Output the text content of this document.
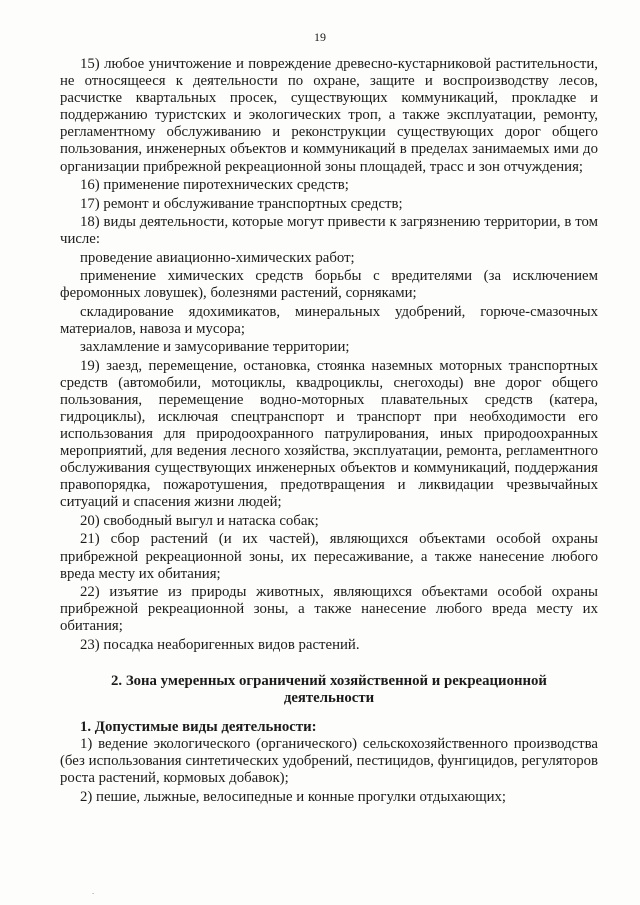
19

15) любое уничтожение и повреждение древесно-кустарниковой растительности, не относящееся к деятельности по охране, защите и воспроизводству лесов, расчистке квартальных просек, существующих коммуникаций, прокладке и поддержанию туристских и экологических троп, а также эксплуатации, ремонту, регламентному обслуживанию и реконструкции существующих дорог общего пользования, инженерных объектов и коммуникаций в пределах занимаемых ими до организации прибрежной рекреационной зоны площадей, трасс и зон отчуждения;

16) применение пиротехнических средств;

17) ремонт и обслуживание транспортных средств;

18) виды деятельности, которые могут привести к загрязнению территории, в том числе:

проведение авиационно-химических работ;

применение химических средств борьбы с вредителями (за исключением феромонных ловушек), болезнями растений, сорняками;

складирование ядохимикатов, минеральных удобрений, горюче-смазочных материалов, навоза и мусора;

захламление и замусоривание территории;

19) заезд, перемещение, остановка, стоянка наземных моторных транспортных средств (автомобили, мотоциклы, квадроциклы, снегоходы) вне дорог общего пользования, перемещение водно-моторных плавательных средств (катера, гидроциклы), исключая спецтранспорт и транспорт при необходимости его использования для природоохранного патрулирования, иных природоохранных мероприятий, для ведения лесного хозяйства, эксплуатации, ремонта, регламентного обслуживания существующих инженерных объектов и коммуникаций, поддержания правопорядка, пожаротушения, предотвращения и ликвидации чрезвычайных ситуаций и спасения жизни людей;

20) свободный выгул и натаска собак;

21) сбор растений (и их частей), являющихся объектами особой охраны прибрежной рекреационной зоны, их пересаживание, а также нанесение любого вреда месту их обитания;

22) изъятие из природы животных, являющихся объектами особой охраны прибрежной рекреационной зоны, а также нанесение любого вреда месту их обитания;

23) посадка неаборигенных видов растений.

2. Зона умеренных ограничений хозяйственной и рекреационной деятельности

1. Допустимые виды деятельности:

1) ведение экологического (органического) сельскохозяйственного производства (без использования синтетических удобрений, пестицидов, фунгицидов, регуляторов роста растений, кормовых добавок);

2) пешие, лыжные, велосипедные и конные прогулки отдыхающих;

-
